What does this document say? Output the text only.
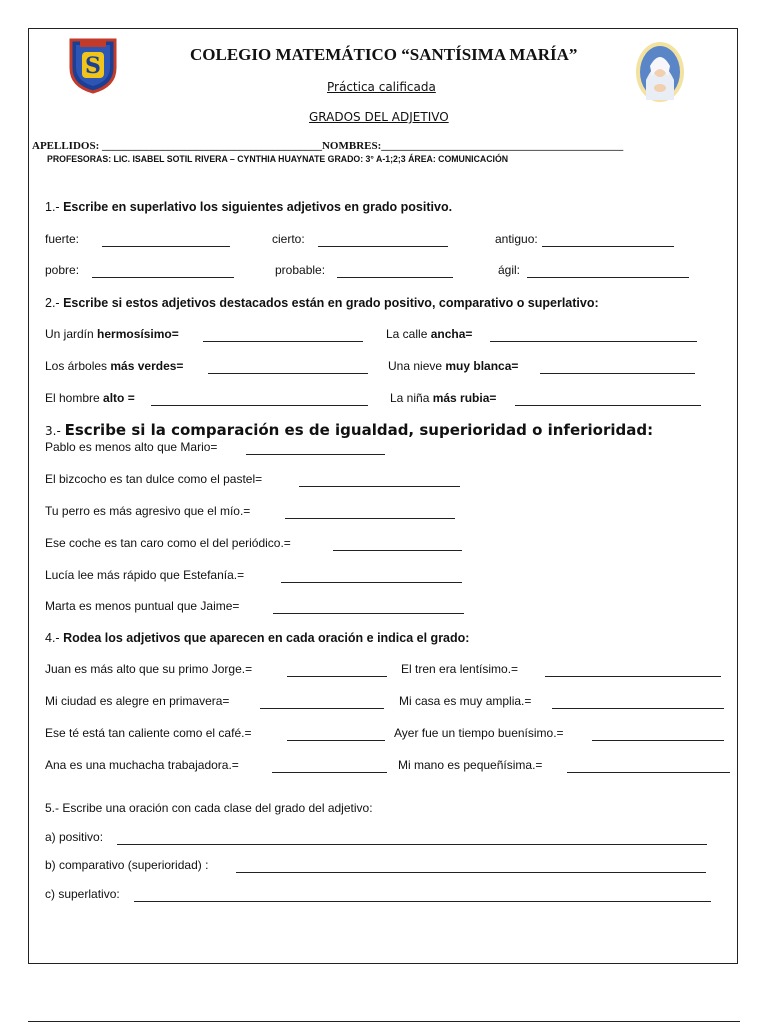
S	COLEGIO MATEMÁTICO “SANTÍSIMA MARÍA”
Práctica calificada
GRADOS DEL ADJETIVO
APELLIDOS: ________________________________________NOMBRES:____________________________________________
PROFESORAS: LIC. ISABEL SOTIL RIVERA – CYNTHIA HUAYNATE GRADO: 3° A-1;2;3 ÁREA: COMUNICACIÓN
1.- Escribe en superlativo los siguientes adjetivos en grado positivo.
fuerte:	cierto:	antiguo:
pobre:	probable:	ágil:
2.- Escribe si estos adjetivos destacados están en grado positivo, comparativo o superlativo:
Un jardín hermosísimo=	La calle ancha=
Los árboles más verdes=	Una nieve muy blanca=
El hombre alto =	La niña más rubia=
3.- Escribe si la comparación es de igualdad, superioridad o inferioridad:
Pablo es menos alto que Mario=
El bizcocho es tan dulce como el pastel=
Tu perro es más agresivo que el mío.=
Ese coche es tan caro como el del periódico.=
Lucía lee más rápido que Estefanía.=
Marta es menos puntual que Jaime=
4.- Rodea los adjetivos que aparecen en cada oración e indica el grado:
Juan es más alto que su primo Jorge.=	El tren era lentísimo.=
Mi ciudad es alegre en primavera=	Mi casa es muy amplia.=
Ese té está tan caliente como el café.=	Ayer fue un tiempo buenísimo.=
Ana es una muchacha trabajadora.=	Mi mano es pequeñísima.=
5.- Escribe una oración con cada clase del grado del adjetivo:
a) positivo:
b) comparativo (superioridad) :
c) superlativo:
